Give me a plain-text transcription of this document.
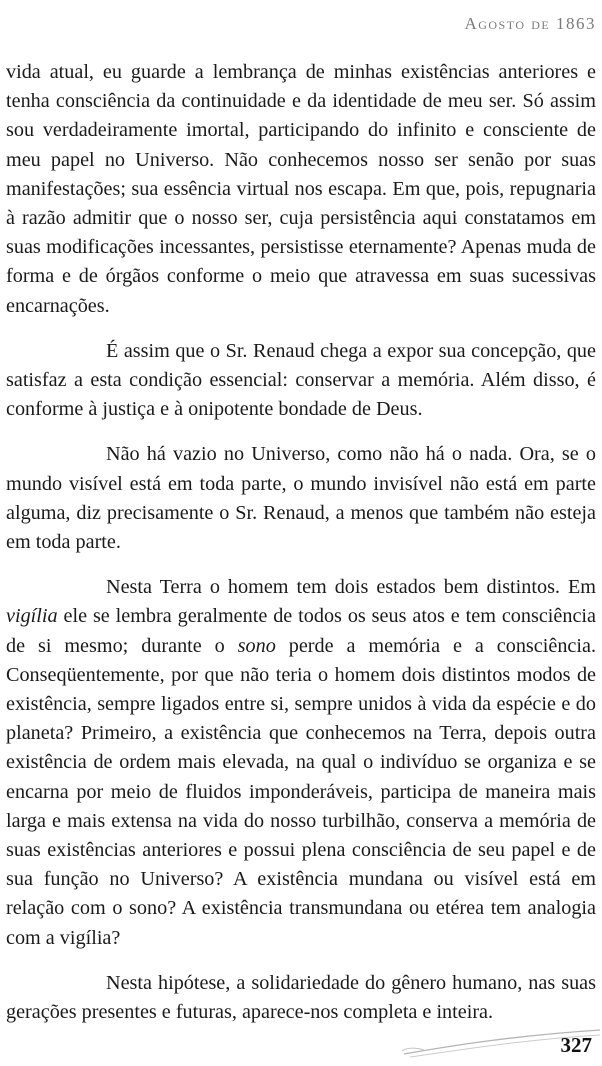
Agosto de 1863

vida atual, eu guarde a lembrança de minhas existências anteriores e tenha consciência da continuidade e da identidade de meu ser. Só assim sou verdadeiramente imortal, participando do infinito e consciente de meu papel no Universo. Não conhecemos nosso ser senão por suas manifestações; sua essência virtual nos escapa. Em que, pois, repugnaria à razão admitir que o nosso ser, cuja persistência aqui constatamos em suas modificações incessantes, persistisse eternamente? Apenas muda de forma e de órgãos conforme o meio que atravessa em suas sucessivas encarnações.

É assim que o Sr. Renaud chega a expor sua concepção, que satisfaz a esta condição essencial: conservar a memória. Além disso, é conforme à justiça e à onipotente bondade de Deus.

Não há vazio no Universo, como não há o nada. Ora, se o mundo visível está em toda parte, o mundo invisível não está em parte alguma, diz precisamente o Sr. Renaud, a menos que também não esteja em toda parte.

Nesta Terra o homem tem dois estados bem distintos. Em vigília ele se lembra geralmente de todos os seus atos e tem consciência de si mesmo; durante o sono perde a memória e a consciência. Conseqüentemente, por que não teria o homem dois distintos modos de existência, sempre ligados entre si, sempre unidos à vida da espécie e do planeta? Primeiro, a existência que conhecemos na Terra, depois outra existência de ordem mais elevada, na qual o indivíduo se organiza e se encarna por meio de fluidos imponderáveis, participa de maneira mais larga e mais extensa na vida do nosso turbilhão, conserva a memória de suas existências anteriores e possui plena consciência de seu papel e de sua função no Universo? A existência mundana ou visível está em relação com o sono? A existência transmundana ou etérea tem analogia com a vigília?

Nesta hipótese, a solidariedade do gênero humano, nas suas gerações presentes e futuras, aparece-nos completa e inteira.

327
